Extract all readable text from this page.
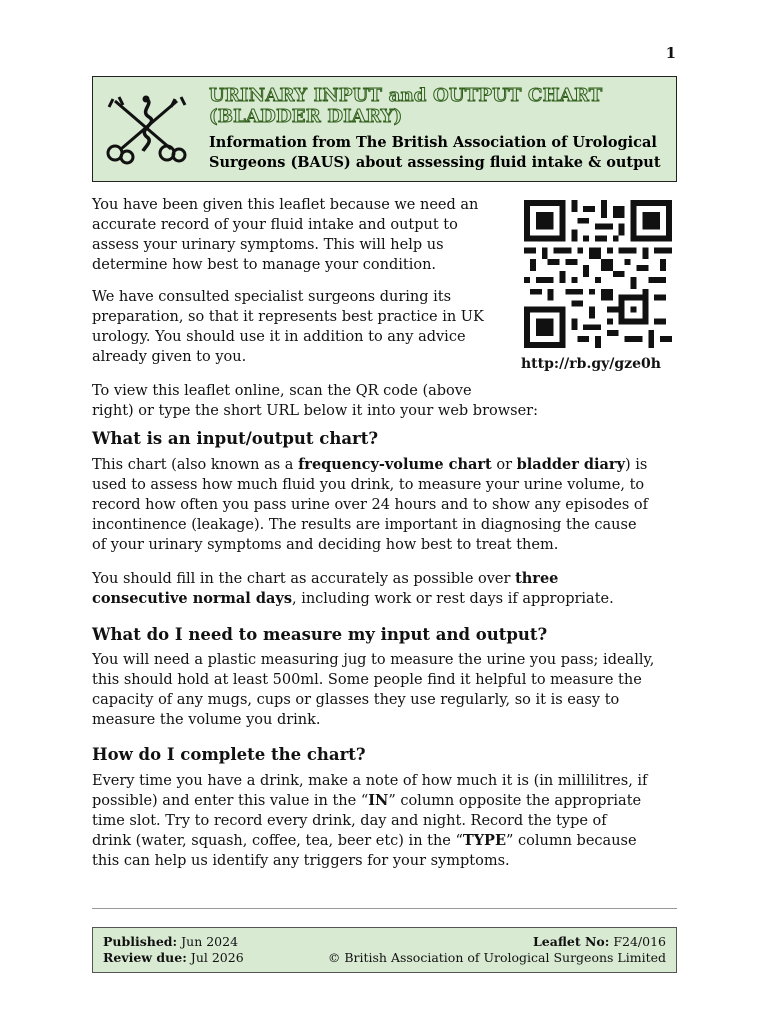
1
URINARY INPUT and OUTPUT CHART
(BLADDER DIARY)
Information from The British Association of Urological
Surgeons (BAUS) about assessing fluid intake & output
You have been given this leaflet because we need an
accurate record of your fluid intake and output to
assess your urinary symptoms. This will help us
determine how best to manage your condition.
We have consulted specialist surgeons during its
preparation, so that it represents best practice in UK
urology. You should use it in addition to any advice
already given to you.	http://rb.gy/gze0h
To view this leaflet online, scan the QR code (above
right) or type the short URL below it into your web browser:
What is an input/output chart?
This chart (also known as a frequency-volume chart or bladder diary) is
used to assess how much fluid you drink, to measure your urine volume, to
record how often you pass urine over 24 hours and to show any episodes of
incontinence (leakage). The results are important in diagnosing the cause
of your urinary symptoms and deciding how best to treat them.
You should fill in the chart as accurately as possible over three
consecutive normal days, including work or rest days if appropriate.
What do I need to measure my input and output?
You will need a plastic measuring jug to measure the urine you pass; ideally,
this should hold at least 500ml. Some people find it helpful to measure the
capacity of any mugs, cups or glasses they use regularly, so it is easy to
measure the volume you drink.
How do I complete the chart?
Every time you have a drink, make a note of how much it is (in millilitres, if
possible) and enter this value in the “IN” column opposite the appropriate
time slot. Try to record every drink, day and night. Record the type of
drink (water, squash, coffee, tea, beer etc) in the “TYPE” column because
this can help us identify any triggers for your symptoms.
Published: Jun 2024
Review due: Jul 2026
Leaflet No: F24/016
© British Association of Urological Surgeons Limited
